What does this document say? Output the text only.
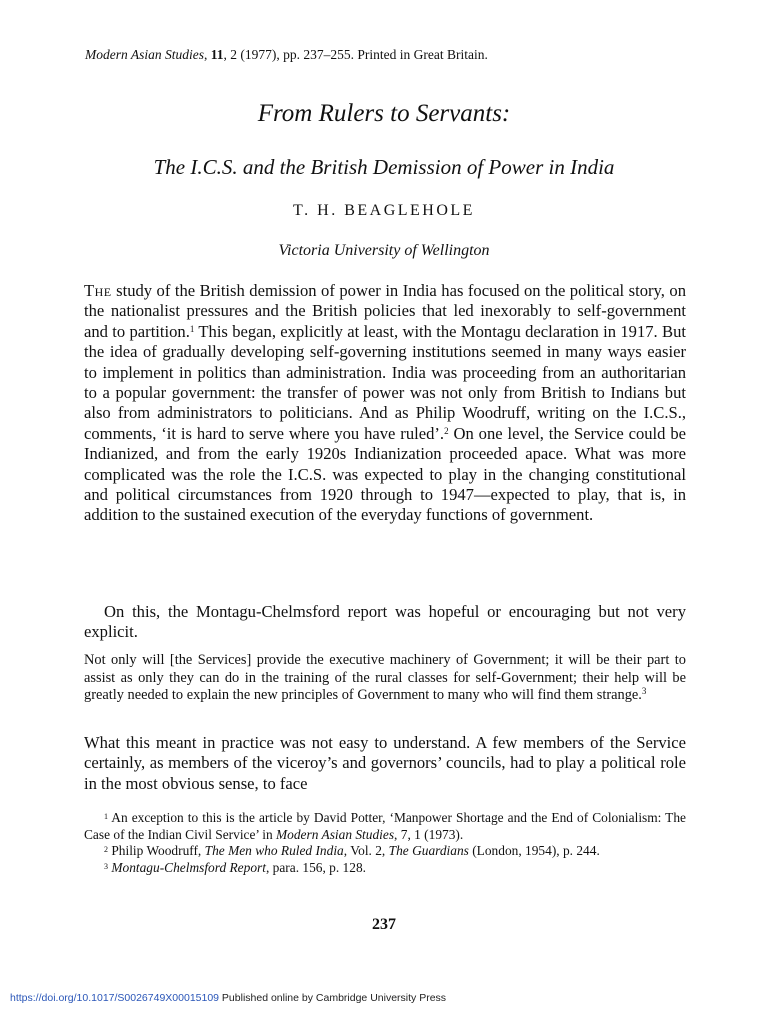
Modern Asian Studies, 11, 2 (1977), pp. 237–255. Printed in Great Britain.
From Rulers to Servants:
The I.C.S. and the British Demission of Power in India
T. H. BEAGLEHOLE
Victoria University of Wellington

The study of the British demission of power in India has focused on the political story, on the nationalist pressures and the British policies that led inexorably to self-government and to partition.$^1$ This began, explicitly at least, with the Montagu declaration in 1917. But the idea of gradually developing self-governing institutions seemed in many ways easier to implement in politics than administration. India was proceeding from an authoritarian to a popular government: the transfer of power was not only from British to Indians but also from administrators to politicians. And as Philip Woodruff, writing on the I.C.S., comments, ‘it is hard to serve where you have ruled’.$^2$ On one level, the Service could be Indianized, and from the early 1920s Indianization proceeded apace. What was more complicated was the role the I.C.S. was expected to play in the changing constitutional and political circumstances from 1920 through to 1947—expected to play, that is, in addition to the sustained execution of the everyday functions of government.

On this, the Montagu-Chelmsford report was hopeful or encouraging but not very explicit.

Not only will [the Services] provide the executive machinery of Government; it will be their part to assist as only they can do in the training of the rural classes for self-Government; their help will be greatly needed to explain the new principles of Government to many who will find them strange.$^3$

What this meant in practice was not easy to understand. A few members of the Service certainly, as members of the viceroy’s and governors’ councils, had to play a political role in the most obvious sense, to face

$^1$ An exception to this is the article by David Potter, ‘Manpower Shortage and the End of Colonialism: The Case of the Indian Civil Service’ in Modern Asian Studies, 7, 1 (1973).

$^2$ Philip Woodruff, The Men who Ruled India, Vol. 2, The Guardians (London, 1954), p. 244.

$^3$ Montagu-Chelmsford Report, para. 156, p. 128.

237
https://doi.org/10.1017/S0026749X00015109 Published online by Cambridge University Press
